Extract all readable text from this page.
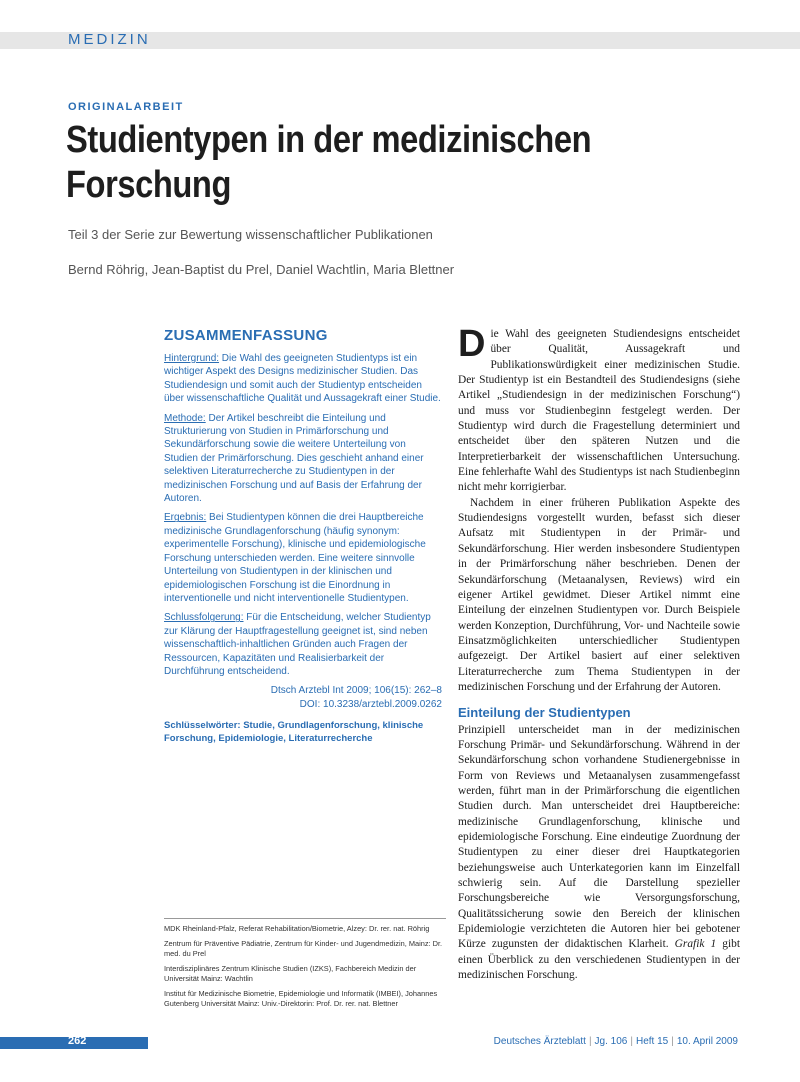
MEDIZIN
ORIGINALARBEIT
Studientypen in der medizinischen
Forschung
Teil 3 der Serie zur Bewertung wissenschaftlicher Publikationen
Bernd Röhrig, Jean-Baptist du Prel, Daniel Wachtlin, Maria Blettner
ZUSAMMENFASSUNG

Hintergrund: Die Wahl des geeigneten Studientyps ist ein wichtiger Aspekt des Designs medizinischer Studien. Das Studiendesign und somit auch der Studientyp entscheiden über wissenschaftliche Qualität und Aussagekraft einer Studie.

Methode: Der Artikel beschreibt die Einteilung und Strukturierung von Studien in Primärforschung und Sekundärforschung sowie die weitere Unterteilung von Studien der Primärforschung. Dies geschieht anhand einer selektiven Literaturrecherche zu Studientypen in der medizinischen Forschung und auf Basis der Erfahrung der Autoren.

Ergebnis: Bei Studientypen können die drei Hauptbereiche medizinische Grundlagenforschung (häufig synonym: experimentelle Forschung), klinische und epidemiologische Forschung unterschieden werden. Eine weitere sinnvolle Unterteilung von Studientypen in der klinischen und epidemiologischen Forschung ist die Einordnung in interventionelle und nicht interventionelle Studientypen.

Schlussfolgerung: Für die Entscheidung, welcher Studientyp zur Klärung der Hauptfragestellung geeignet ist, sind neben wissenschaftlich-inhaltlichen Gründen auch Fragen der Ressourcen, Kapazitäten und Realisierbarkeit der Durchführung entscheidend.

Dtsch Arztebl Int 2009; 106(15): 262–8
DOI: 10.3238/arztebl.2009.0262
Schlüsselwörter: Studie, Grundlagenforschung, klinische Forschung, Epidemiologie, Literaturrecherche

MDK Rheinland-Pfalz, Referat Rehabilitation/Biometrie, Alzey: Dr. rer. nat. Röhrig

Zentrum für Präventive Pädiatrie, Zentrum für Kinder- und Jugendmedizin, Mainz: Dr. med. du Prel

Interdisziplinäres Zentrum Klinische Studien (IZKS), Fachbereich Medizin der Universität Mainz: Wachtlin

Institut für Medizinische Biometrie, Epidemiologie und Informatik (IMBEI), Johannes Gutenberg Universität Mainz: Univ.-Direktorin: Prof. Dr. rer. nat. Blettner

Die Wahl des geeigneten Studiendesigns entscheidet über Qualität, Aussagekraft und Publikationswürdigkeit einer medizinischen Studie. Der Studientyp ist ein Bestandteil des Studiendesigns (siehe Artikel „Studiendesign in der medizinischen Forschung“) und muss vor Studienbeginn festgelegt werden. Der Studientyp wird durch die Fragestellung determiniert und entscheidet über den späteren Nutzen und die Interpretierbarkeit der wissenschaftlichen Untersuchung. Eine fehlerhafte Wahl des Studientyps ist nach Studienbeginn nicht mehr korrigierbar.

Nachdem in einer früheren Publikation Aspekte des Studiendesigns vorgestellt wurden, befasst sich dieser Aufsatz mit Studientypen in der Primär- und Sekundärforschung. Hier werden insbesondere Studientypen in der Primärforschung näher beschrieben. Denen der Sekundärforschung (Metaanalysen, Reviews) wird ein eigener Artikel gewidmet. Dieser Artikel nimmt eine Einteilung der einzelnen Studientypen vor. Durch Beispiele werden Konzeption, Durchführung, Vor- und Nachteile sowie Einsatzmöglichkeiten unterschiedlicher Studientypen aufgezeigt. Der Artikel basiert auf einer selektiven Literaturrecherche zum Thema Studientypen in der medizinischen Forschung und der Erfahrung der Autoren.

Einteilung der Studientypen

Prinzipiell unterscheidet man in der medizinischen Forschung Primär- und Sekundärforschung. Während in der Sekundärforschung schon vorhandene Studienergebnisse in Form von Reviews und Metaanalysen zusammengefasst werden, führt man in der Primärforschung die eigentlichen Studien durch. Man unterscheidet drei Hauptbereiche: medizinische Grundlagenforschung, klinische und epidemiologische Forschung. Eine eindeutige Zuordnung der Studientypen zu einer dieser drei Hauptkategorien beziehungsweise auch Unterkategorien kann im Einzelfall schwierig sein. Auf die Darstellung spezieller Forschungsbereiche wie Versorgungsforschung, Qualitätssicherung sowie den Bereich der klinischen Epidemiologie verzichteten die Autoren hier bei gebotener Kürze zugunsten der didaktischen Klarheit. Grafik 1 gibt einen Überblick zu den verschiedenen Studientypen in der medizinischen Forschung.

262	Deutsches Ärzteblatt | Jg. 106 | Heft 15 | 10. April 2009
